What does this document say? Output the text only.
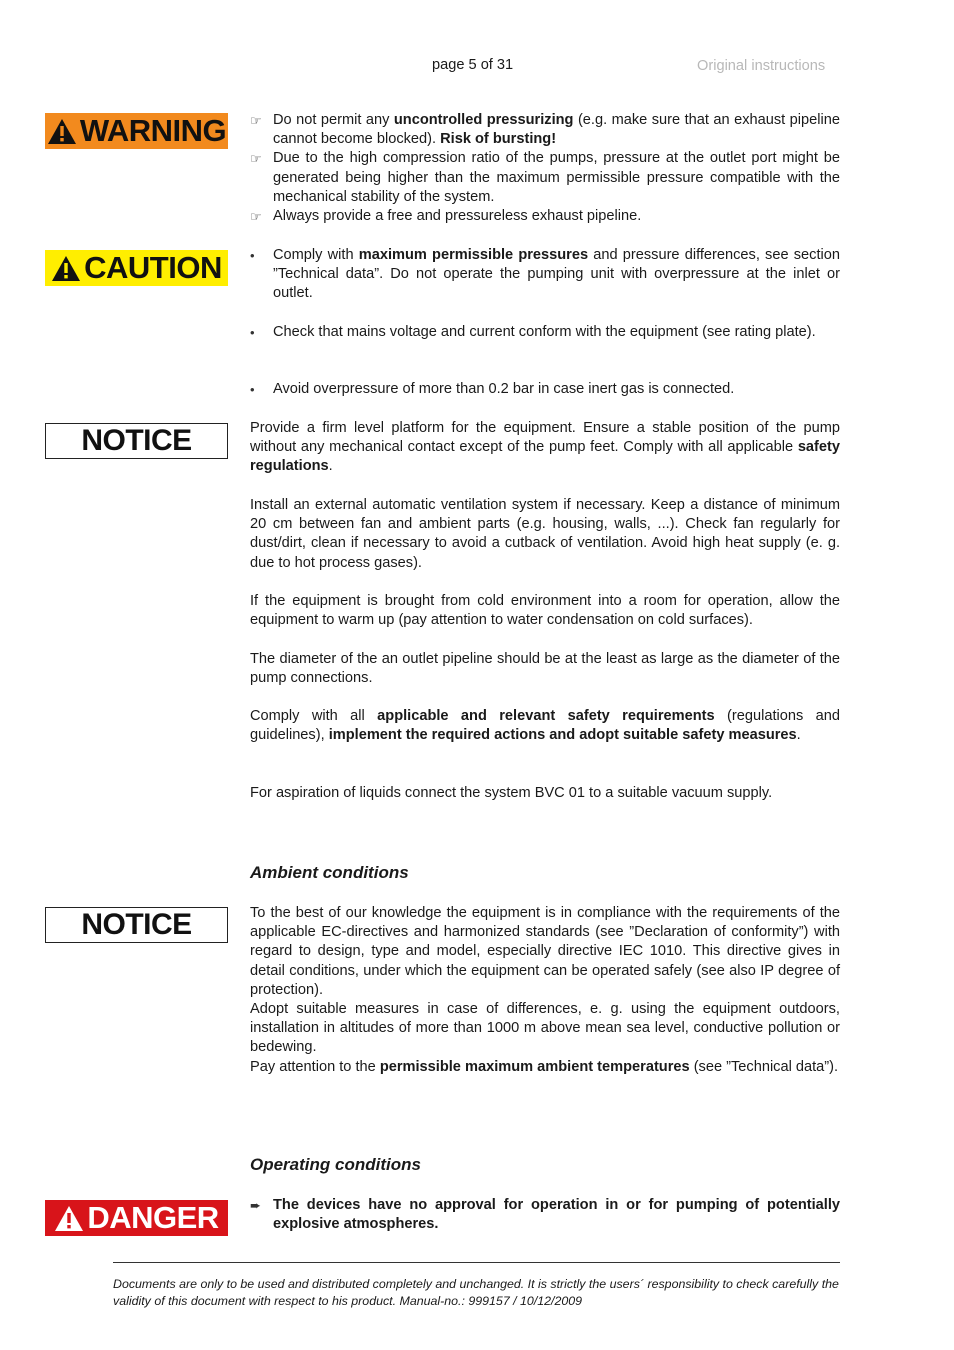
page 5 of 31	Original instructions
WARNING ☞ Do not permit any uncontrolled pressurizing (e.g. make sure that an exhaust pipeline cannot become blocked). Risk of bursting!
☞ Due to the high compression ratio of the pumps, pressure at the outlet port might be generated being higher than the maximum permissible pressure compatible with the mechanical stability of the system.
☞ Always provide a free and pressureless exhaust pipeline.
CAUTION •	Comply with maximum permissible pressures and pressure differences, see section ”Technical data”. Do not operate the pumping unit with overpressure at the inlet or outlet.
•	Check that mains voltage and current conform with the equipment (see rating plate).
•	Avoid overpressure of more than 0.2 bar in case inert gas is connected.
NOTICE	Provide a firm level platform for the equipment. Ensure a stable position of the pump without any mechanical contact except of the pump feet. Comply with all applicable safety regulations.

Install an external automatic ventilation system if necessary. Keep a distance of minimum 20 cm between fan and ambient parts (e.g. housing, walls, ...). Check fan regularly for dust/dirt, clean if necessary to avoid a cutback of ventilation. Avoid high heat supply (e. g. due to hot process gases).
If the equipment is brought from cold environment into a room for operation, allow the equipment to warm up (pay attention to water condensation on cold surfaces).
The diameter of the an outlet pipeline should be at the least as large as the diameter of the pump connections.

Comply with all applicable and relevant safety requirements (regulations and guidelines), implement the required actions and adopt suitable safety measures.

For aspiration of liquids connect the system BVC 01 to a suitable vacuum supply.
Ambient conditions
NOTICE	To the best of our knowledge the equipment is in compliance with the requirements of the applicable EC-directives and harmonized standards (see ”Declaration of conformity”) with regard to design, type and model, especially directive IEC 1010. This directive gives in detail conditions, under which the equipment can be operated safely (see also IP degree of protection).

Adopt suitable measures in case of differences, e. g. using the equipment outdoors, installation in altitudes of more than 1000 m above mean sea level, conductive pollution or bedewing.

Pay attention to the permissible maximum ambient temperatures (see ”Technical data”).

Operating conditions
DANGER ➨ The devices have no approval for operation in or for pumping of potentially explosive atmospheres.
Documents are only to be used and distributed completely and unchanged. It is strictly the users´ responsibility to check carefully the validity of this document with respect to his product. Manual-no.: 999157 / 10/12/2009
